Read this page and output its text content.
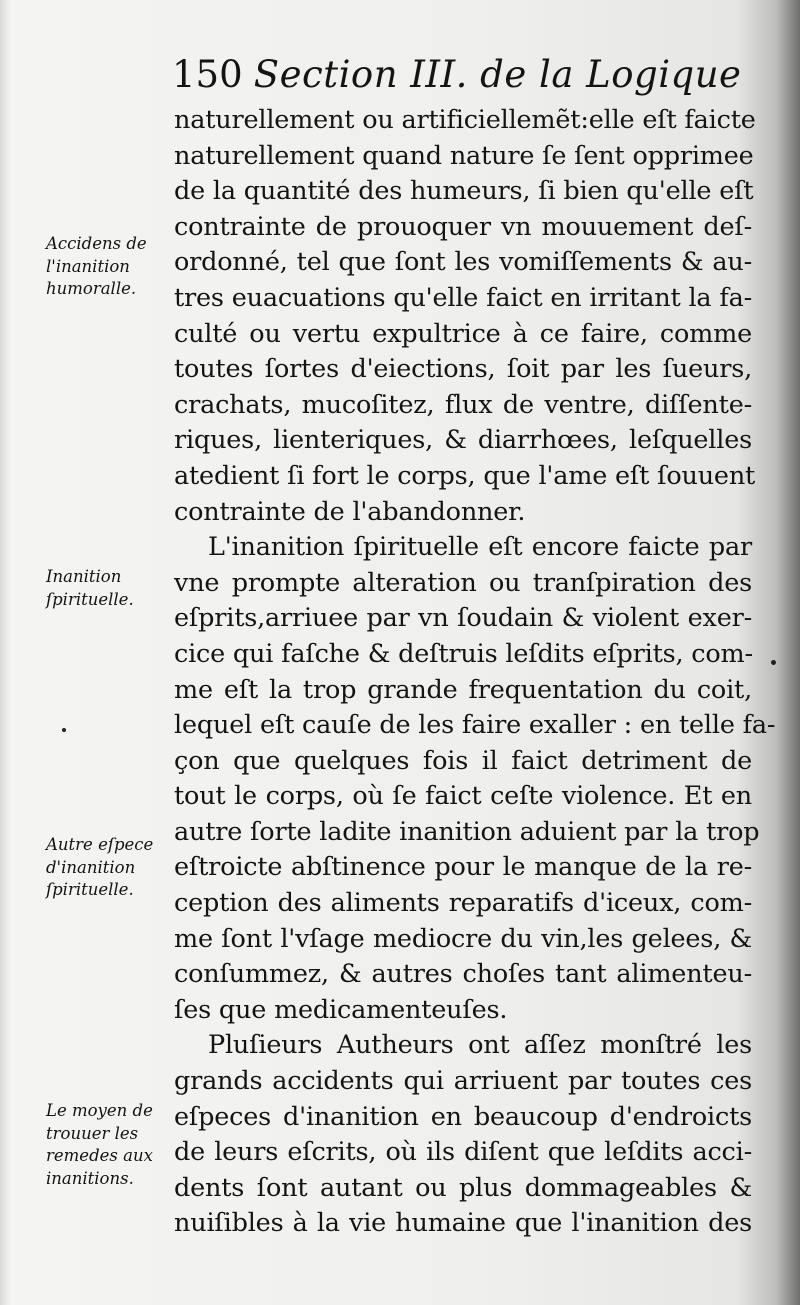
150 Section III. de la Logique
naturellement ou artificiellemẽt:elle eſt faicte
naturellement quand nature ſe ſent opprimee
de la quantité des humeurs, ſi bien qu'elle eſt
contrainte de prouoquer vn mouuement deſ-
ordonné, tel que ſont les vomiſſements & au-
tres euacuations qu'elle faict en irritant la fa-
culté ou vertu expultrice à ce faire, comme
toutes ſortes d'eiections, ſoit par les ſueurs,
crachats, mucoſitez, flux de ventre, diſſente-
riques, lienteriques, & diarrhœes, leſquelles
atedient ſi fort le corps, que l'ame eſt ſouuent
contrainte de l'abandonner.
L'inanition ſpirituelle eſt encore faicte par
vne prompte alteration ou tranſpiration des
eſprits,arriuee par vn ſoudain & violent exer-
cice qui faſche & deſtruis leſdits eſprits, com-
me eſt la trop grande frequentation du coit,
lequel eſt cauſe de les faire exaller : en telle fa-
çon que quelques fois il faict detriment de
tout le corps, où ſe faict ceſte violence. Et en
autre ſorte ladite inanition aduient par la trop
eſtroicte abſtinence pour le manque de la re-
ception des aliments reparatifs d'iceux, com-
me ſont l'vſage mediocre du vin,les gelees, &
conſummez, & autres choſes tant alimenteu-
ſes que medicamenteuſes.
Pluſieurs Autheurs ont aſſez monſtré les
grands accidents qui arriuent par toutes ces
eſpeces d'inanition en beaucoup d'endroicts
de leurs eſcrits, où ils diſent que leſdits acci-
dents ſont autant ou plus dommageables &
nuiſibles à la vie humaine que l'inanition des
Accidens de
l'inanition
humoralle.
Inanition
ſpirituelle.
Autre eſpece
d'inanition
ſpirituelle.
Le moyen de
trouuer les
remedes aux
inanitions.
